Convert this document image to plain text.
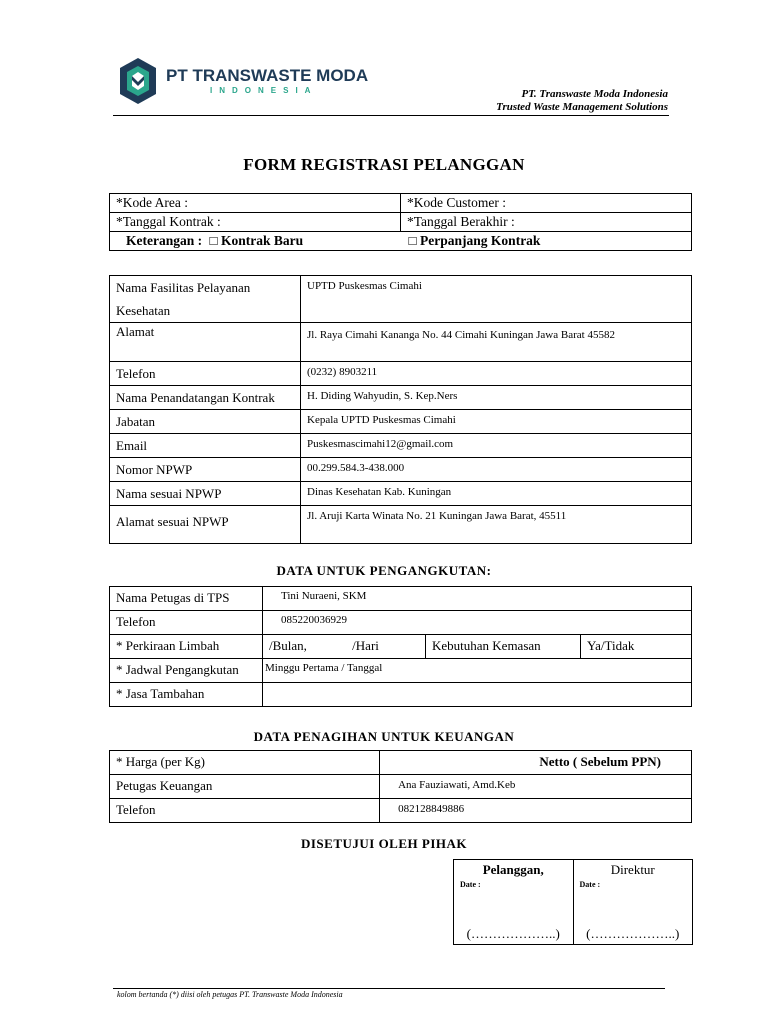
PT TRANSWASTE MODA
INDONESIA	PT. Transwaste Moda Indonesia
Trusted Waste Management Solutions
FORM REGISTRASI PELANGGAN
*Kode Area :	*Kode Customer :
*Tanggal Kontrak :	*Tanggal Berakhir :
Keterangan : □ Kontrak Baru □ Perpanjang Kontrak	
Nama Fasilitas Pelayanan Kesehatan	UPTD Puskesmas Cimahi
Alamat	Jl. Raya Cimahi Kananga No. 44 Cimahi Kuningan Jawa Barat 45582
Telefon	(0232) 8903211
Nama Penandatangan Kontrak	H. Diding Wahyudin, S. Kep.Ners
Jabatan	Kepala UPTD Puskesmas Cimahi
Email	Puskesmascimahi12@gmail.com
Nomor NPWP	00.299.584.3-438.000
Nama sesuai NPWP	Dinas Kesehatan Kab. Kuningan
Alamat sesuai NPWP	Jl. Aruji Karta Winata No. 21 Kuningan Jawa Barat, 45511
DATA UNTUK PENGANGKUTAN:
Nama Petugas di TPS	Tini Nuraeni, SKM		
Telefon	085220036929		
* Perkiraan Limbah	/Bulan, /Hari	Kebutuhan Kemasan	Ya/Tidak
* Jadwal Pengangkutan	Minggu Pertama / Tanggal		
* Jasa Tambahan			
DATA PENAGIHAN UNTUK KEUANGAN
* Harga (per Kg)	Netto ( Sebelum PPN)
Petugas Keuangan	Ana Fauziawati, Amd.Keb
Telefon	082128849886
DISETUJUI OLEH PIHAK
Pelanggan,
Date :
(………………..)

Direktur
Date :
(………………..)
kolom bertanda (*) diisi oleh petugas PT. Transwaste Moda Indonesia
